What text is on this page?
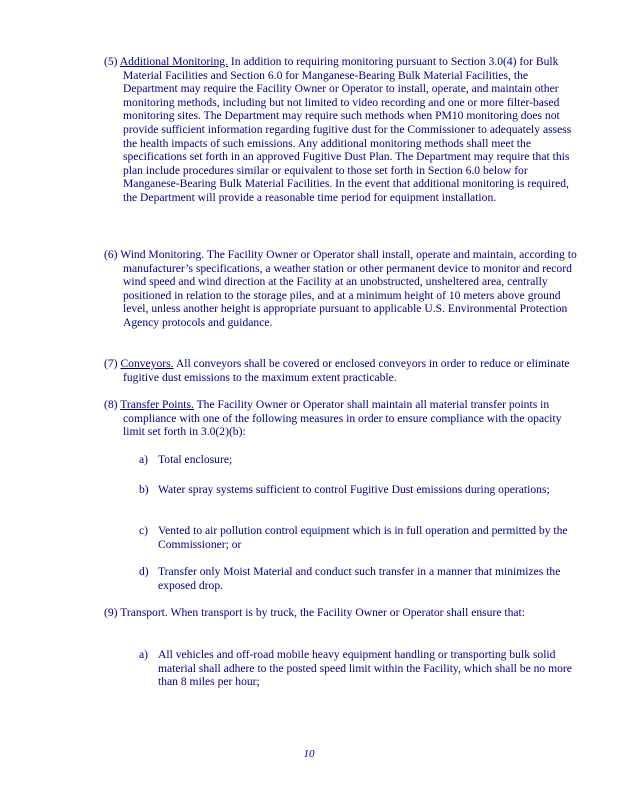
(5) Additional Monitoring. In addition to requiring monitoring pursuant to Section 3.0(4) for Bulk Material Facilities and Section 6.0 for Manganese-Bearing Bulk Material Facilities, the Department may require the Facility Owner or Operator to install, operate, and maintain other monitoring methods, including but not limited to video recording and one or more filter-based monitoring sites. The Department may require such methods when PM10 monitoring does not provide sufficient information regarding fugitive dust for the Commissioner to adequately assess the health impacts of such emissions. Any additional monitoring methods shall meet the specifications set forth in an approved Fugitive Dust Plan. The Department may require that this plan include procedures similar or equivalent to those set forth in Section 6.0 below for Manganese-Bearing Bulk Material Facilities. In the event that additional monitoring is required, the Department will provide a reasonable time period for equipment installation.
(6) Wind Monitoring. The Facility Owner or Operator shall install, operate and maintain, according to manufacturer’s specifications, a weather station or other permanent device to monitor and record wind speed and wind direction at the Facility at an unobstructed, unsheltered area, centrally positioned in relation to the storage piles, and at a minimum height of 10 meters above ground level, unless another height is appropriate pursuant to applicable U.S. Environmental Protection Agency protocols and guidance.
(7) Conveyors. All conveyors shall be covered or enclosed conveyors in order to reduce or eliminate fugitive dust emissions to the maximum extent practicable.
(8) Transfer Points. The Facility Owner or Operator shall maintain all material transfer points in compliance with one of the following measures in order to ensure compliance with the opacity limit set forth in 3.0(2)(b):
a) Total enclosure;
b) Water spray systems sufficient to control Fugitive Dust emissions during operations;
c) Vented to air pollution control equipment which is in full operation and permitted by the Commissioner; or
d) Transfer only Moist Material and conduct such transfer in a manner that minimizes the exposed drop.
(9) Transport. When transport is by truck, the Facility Owner or Operator shall ensure that:
a) All vehicles and off-road mobile heavy equipment handling or transporting bulk solid material shall adhere to the posted speed limit within the Facility, which shall be no more than 8 miles per hour;
10
